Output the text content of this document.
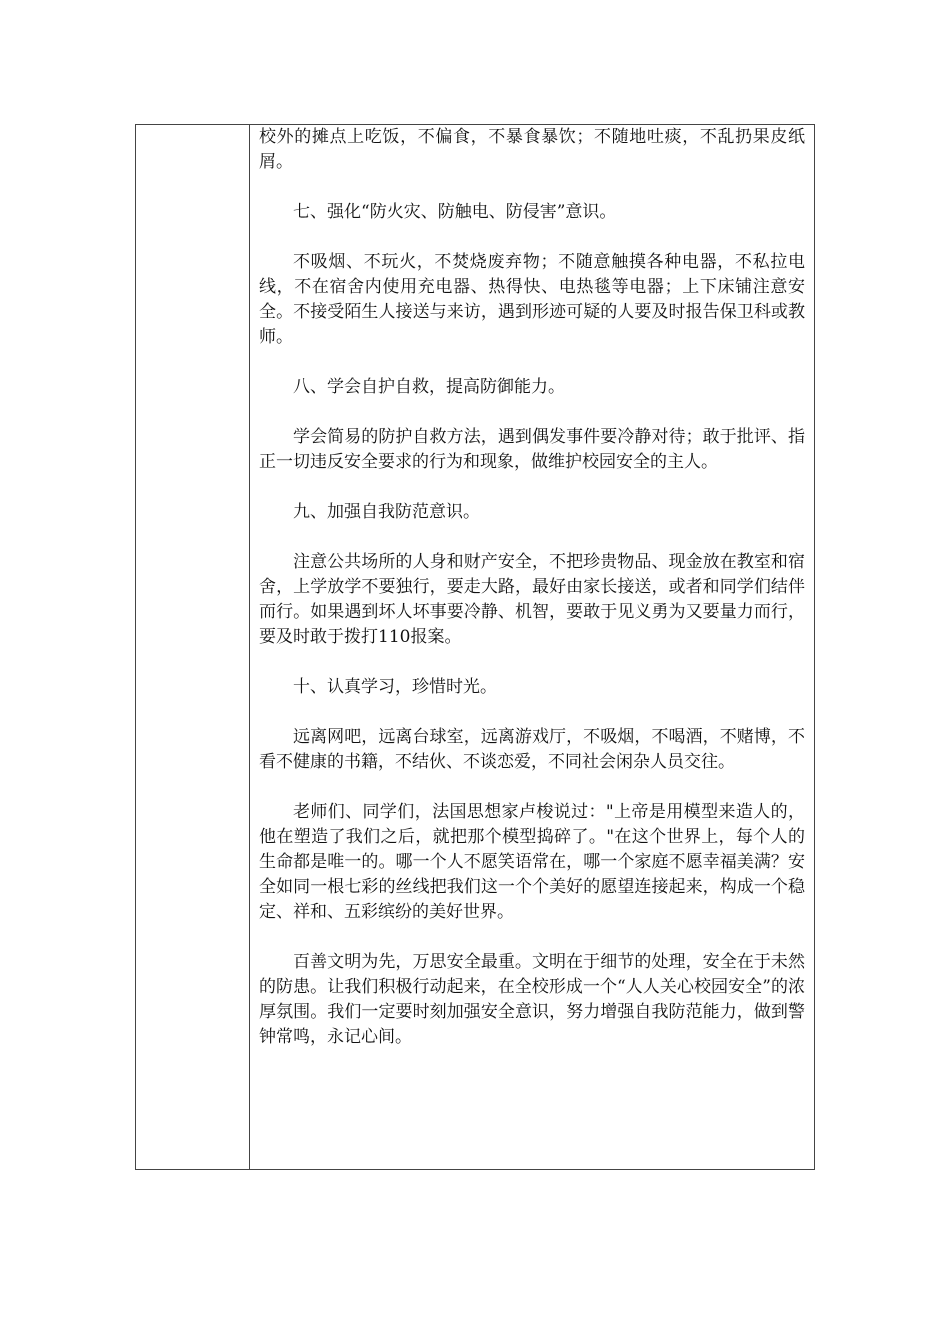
校外的摊点上吃饭，不偏食，不暴食暴饮；不随地吐痰，不乱扔果皮纸屑。

七、强化“防火灾、防触电、防侵害”意识。

不吸烟、不玩火，不焚烧废弃物；不随意触摸各种电器，不私拉电线，不在宿舍内使用充电器、热得快、电热毯等电器；上下床铺注意安全。不接受陌生人接送与来访，遇到形迹可疑的人要及时报告保卫科或教师。

八、学会自护自救，提高防御能力。

学会简易的防护自救方法，遇到偶发事件要冷静对待；敢于批评、指正一切违反安全要求的行为和现象，做维护校园安全的主人。

九、加强自我防范意识。

注意公共场所的人身和财产安全，不把珍贵物品、现金放在教室和宿舍，上学放学不要独行，要走大路，最好由家长接送，或者和同学们结伴而行。如果遇到坏人坏事要冷静、机智，要敢于见义勇为又要量力而行，要及时敢于拨打110报案。

十、认真学习，珍惜时光。

远离网吧，远离台球室，远离游戏厅，不吸烟，不喝酒，不赌博，不看不健康的书籍，不结伙、不谈恋爱，不同社会闲杂人员交往。

老师们、同学们，法国思想家卢梭说过："上帝是用模型来造人的，他在塑造了我们之后，就把那个模型捣碎了。"在这个世界上，每个人的生命都是唯一的。哪一个人不愿笑语常在，哪一个家庭不愿幸福美满？安全如同一根七彩的丝线把我们这一个个美好的愿望连接起来，构成一个稳定、祥和、五彩缤纷的美好世界。

百善文明为先，万思安全最重。文明在于细节的处理，安全在于未然的防患。让我们积极行动起来，在全校形成一个“人人关心校园安全”的浓厚氛围。我们一定要时刻加强安全意识，努力增强自我防范能力，做到警钟常鸣，永记心间。
